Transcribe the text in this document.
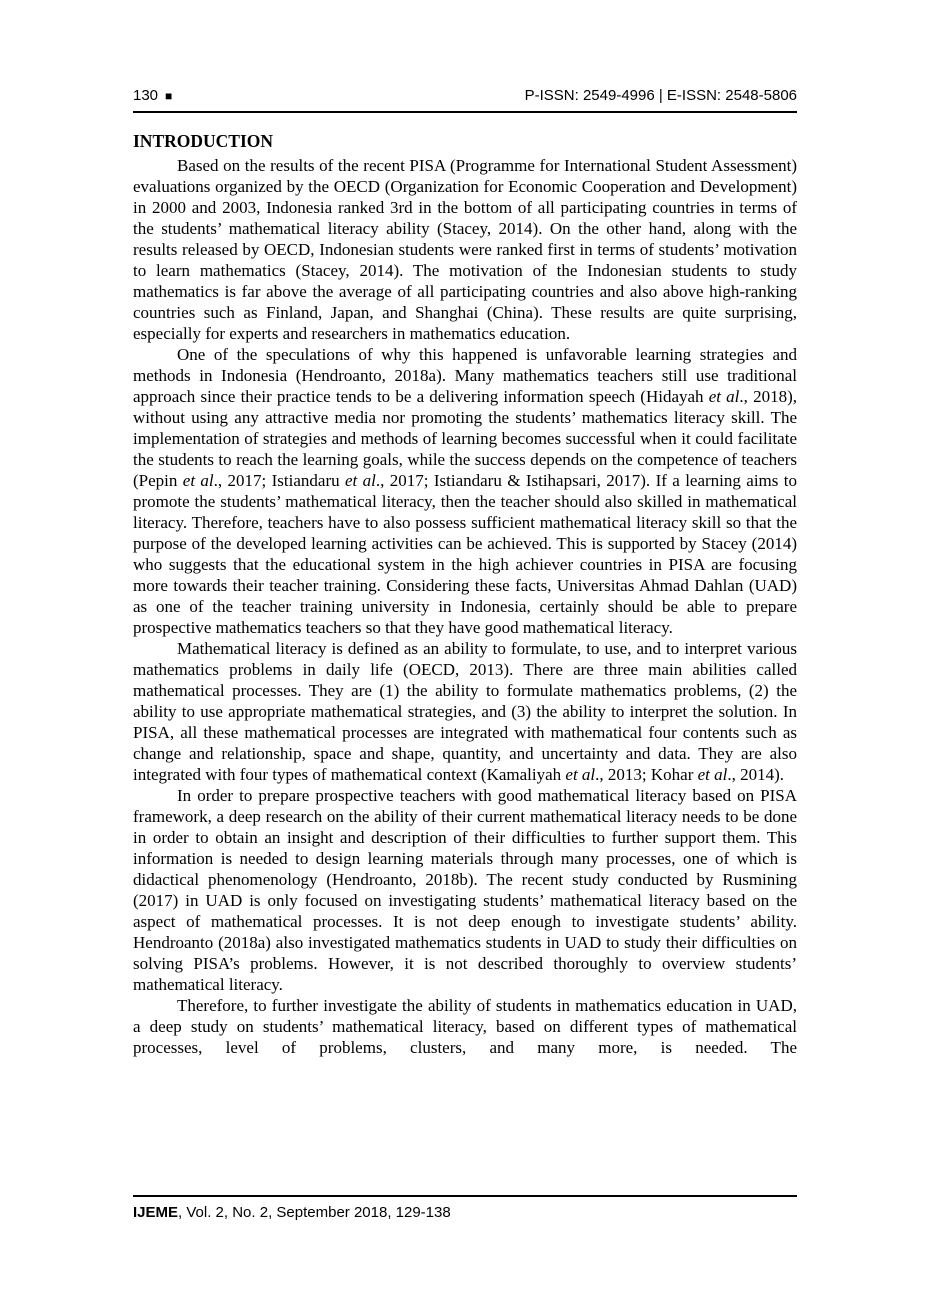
130 ■	P-ISSN: 2549-4996 | E-ISSN: 2548-5806
INTRODUCTION

Based on the results of the recent PISA (Programme for International Student Assessment) evaluations organized by the OECD (Organization for Economic Cooperation and Development) in 2000 and 2003, Indonesia ranked 3rd in the bottom of all participating countries in terms of the students’ mathematical literacy ability (Stacey, 2014). On the other hand, along with the results released by OECD, Indonesian students were ranked first in terms of students’ motivation to learn mathematics (Stacey, 2014). The motivation of the Indonesian students to study mathematics is far above the average of all participating countries and also above high-ranking countries such as Finland, Japan, and Shanghai (China). These results are quite surprising, especially for experts and researchers in mathematics education.

One of the speculations of why this happened is unfavorable learning strategies and methods in Indonesia (Hendroanto, 2018a). Many mathematics teachers still use traditional approach since their practice tends to be a delivering information speech (Hidayah et al., 2018), without using any attractive media nor promoting the students’ mathematics literacy skill. The implementation of strategies and methods of learning becomes successful when it could facilitate the students to reach the learning goals, while the success depends on the competence of teachers (Pepin et al., 2017; Istiandaru et al., 2017; Istiandaru & Istihapsari, 2017). If a learning aims to promote the students’ mathematical literacy, then the teacher should also skilled in mathematical literacy. Therefore, teachers have to also possess sufficient mathematical literacy skill so that the purpose of the developed learning activities can be achieved. This is supported by Stacey (2014) who suggests that the educational system in the high achiever countries in PISA are focusing more towards their teacher training. Considering these facts, Universitas Ahmad Dahlan (UAD) as one of the teacher training university in Indonesia, certainly should be able to prepare prospective mathematics teachers so that they have good mathematical literacy.

Mathematical literacy is defined as an ability to formulate, to use, and to interpret various mathematics problems in daily life (OECD, 2013). There are three main abilities called mathematical processes. They are (1) the ability to formulate mathematics problems, (2) the ability to use appropriate mathematical strategies, and (3) the ability to interpret the solution. In PISA, all these mathematical processes are integrated with mathematical four contents such as change and relationship, space and shape, quantity, and uncertainty and data. They are also integrated with four types of mathematical context (Kamaliyah et al., 2013; Kohar et al., 2014).

In order to prepare prospective teachers with good mathematical literacy based on PISA framework, a deep research on the ability of their current mathematical literacy needs to be done in order to obtain an insight and description of their difficulties to further support them. This information is needed to design learning materials through many processes, one of which is didactical phenomenology (Hendroanto, 2018b). The recent study conducted by Rusmining (2017) in UAD is only focused on investigating students’ mathematical literacy based on the aspect of mathematical processes. It is not deep enough to investigate students’ ability. Hendroanto (2018a) also investigated mathematics students in UAD to study their difficulties on solving PISA’s problems. However, it is not described thoroughly to overview students’ mathematical literacy.

Therefore, to further investigate the ability of students in mathematics education in UAD, a deep study on students’ mathematical literacy, based on different types of mathematical processes, level of problems, clusters, and many more, is needed. The

IJEME, Vol. 2, No. 2, September 2018, 129-138
